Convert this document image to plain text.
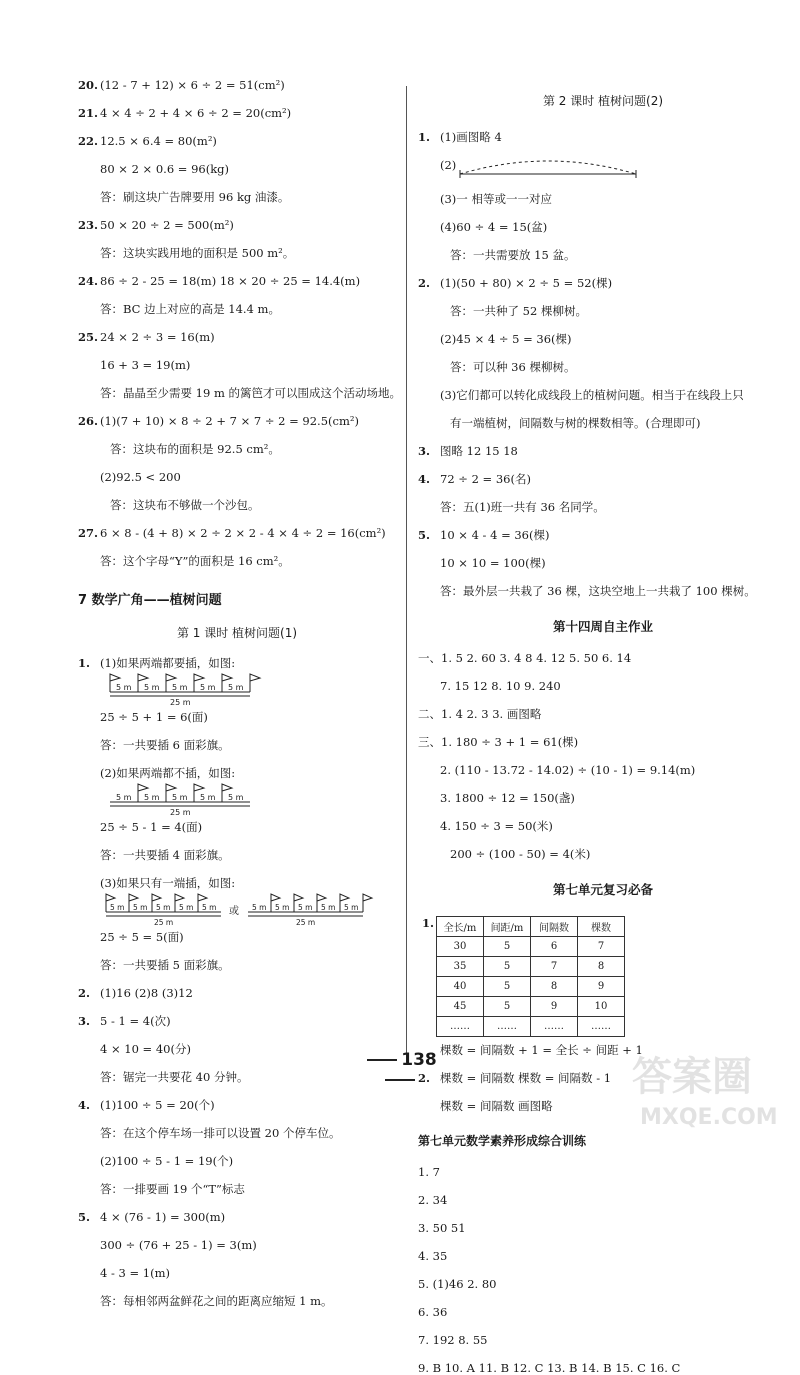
20. (12 - 7 + 12) × 6 ÷ 2 = 51(cm²)

21. 4 × 4 ÷ 2 + 4 × 6 ÷ 2 = 20(cm²)

22. 12.5 × 6.4 = 80(m²)

80 × 2 × 0.6 = 96(kg)

答：刷这块广告牌要用 96 kg 油漆。

23. 50 × 20 ÷ 2 = 500(m²)

答：这块实践用地的面积是 500 m²。

24. 86 ÷ 2 - 25 = 18(m) 18 × 20 ÷ 25 = 14.4(m)

答：BC 边上对应的高是 14.4 m。

25. 24 × 2 ÷ 3 = 16(m)

16 + 3 = 19(m)

答：晶晶至少需要 19 m 的篱笆才可以围成这个活动场地。

26. (1)(7 + 10) × 8 ÷ 2 + 7 × 7 ÷ 2 = 92.5(cm²)

答：这块布的面积是 92.5 cm²。

(2)92.5 < 200

答：这块布不够做一个沙包。

27. 6 × 8 - (4 + 8) × 2 ÷ 2 × 2 - 4 × 4 ÷ 2 = 16(cm²)

答：这个字母“Y”的面积是 16 cm²。

7 数学广角——植树问题

第 1 课时 植树问题(1)

1. (1)如果两端都要插，如图:

5 m 5 m 5 m 5 m 5 m
25 m

25 ÷ 5 + 1 = 6(面)

答：一共要插 6 面彩旗。

(2)如果两端都不插，如图:

5 m 5 m 5 m 5 m 5 m
25 m

25 ÷ 5 - 1 = 4(面)

答：一共要插 4 面彩旗。

(3)如果只有一端插，如图:

5 m 5 m 5 m 5 m 5 m
25 m
5 m 5 m 5 m 5 m 5 m
25 m
或

25 ÷ 5 = 5(面)

答：一共要插 5 面彩旗。

2. (1)16 (2)8 (3)12

3. 5 - 1 = 4(次)

4 × 10 = 40(分)

答：锯完一共要花 40 分钟。

4. (1)100 ÷ 5 = 20(个)

答：在这个停车场一排可以设置 20 个停车位。

(2)100 ÷ 5 - 1 = 19(个)

答：一排要画 19 个“T”标志

5. 4 × (76 - 1) = 300(m)

300 ÷ (76 + 25 - 1) = 3(m)

4 - 3 = 1(m)

答：每相邻两盆鲜花之间的距离应缩短 1 m。

第 2 课时 植树问题(2)

1. (1)画图略 4

(2)

(3)一 相等或一一对应

(4)60 ÷ 4 = 15(盆)

答：一共需要放 15 盆。

2. (1)(50 + 80) × 2 ÷ 5 = 52(棵)

答：一共种了 52 棵柳树。

(2)45 × 4 ÷ 5 = 36(棵)

答：可以种 36 棵柳树。

(3)它们都可以转化成线段上的植树问题。相当于在线段上只

有一端植树，间隔数与树的棵数相等。(合理即可)

3. 图略 12 15 18

4. 72 ÷ 2 = 36(名)

答：五(1)班一共有 36 名同学。

5. 10 × 4 - 4 = 36(棵)

10 × 10 = 100(棵)

答：最外层一共栽了 36 棵，这块空地上一共栽了 100 棵树。

第十四周自主作业

一、1. 5 2. 60 3. 4 8 4. 12 5. 50 6. 14

7. 15 12 8. 10 9. 240

二、1. 4 2. 3 3. 画图略

三、1. 180 ÷ 3 + 1 = 61(棵)

2. (110 - 13.72 - 14.02) ÷ (10 - 1) = 9.14(m)

3. 1800 ÷ 12 = 150(盏)

4. 150 ÷ 3 = 50(米)

200 ÷ (100 - 50) = 4(米)

第七单元复习必备

1. 全长/m	间距/m	间隔数	棵数
30	5	6	7
35	5	7	8
40	5	8	9
45	5	9	10
……	……	……	……

棵数 = 间隔数 + 1 = 全长 ÷ 间距 + 1

2. 棵数 = 间隔数 棵数 = 间隔数 - 1

棵数 = 间隔数 画图略

第七单元数学素养形成综合训练

1. 7

2. 34

3. 50 51

4. 35

5. (1)46 2. 80

6. 36

7. 192 8. 55

9. B 10. A 11. B 12. C 13. B 14. B 15. C 16. C

138	答案圈
MXQE.COM
